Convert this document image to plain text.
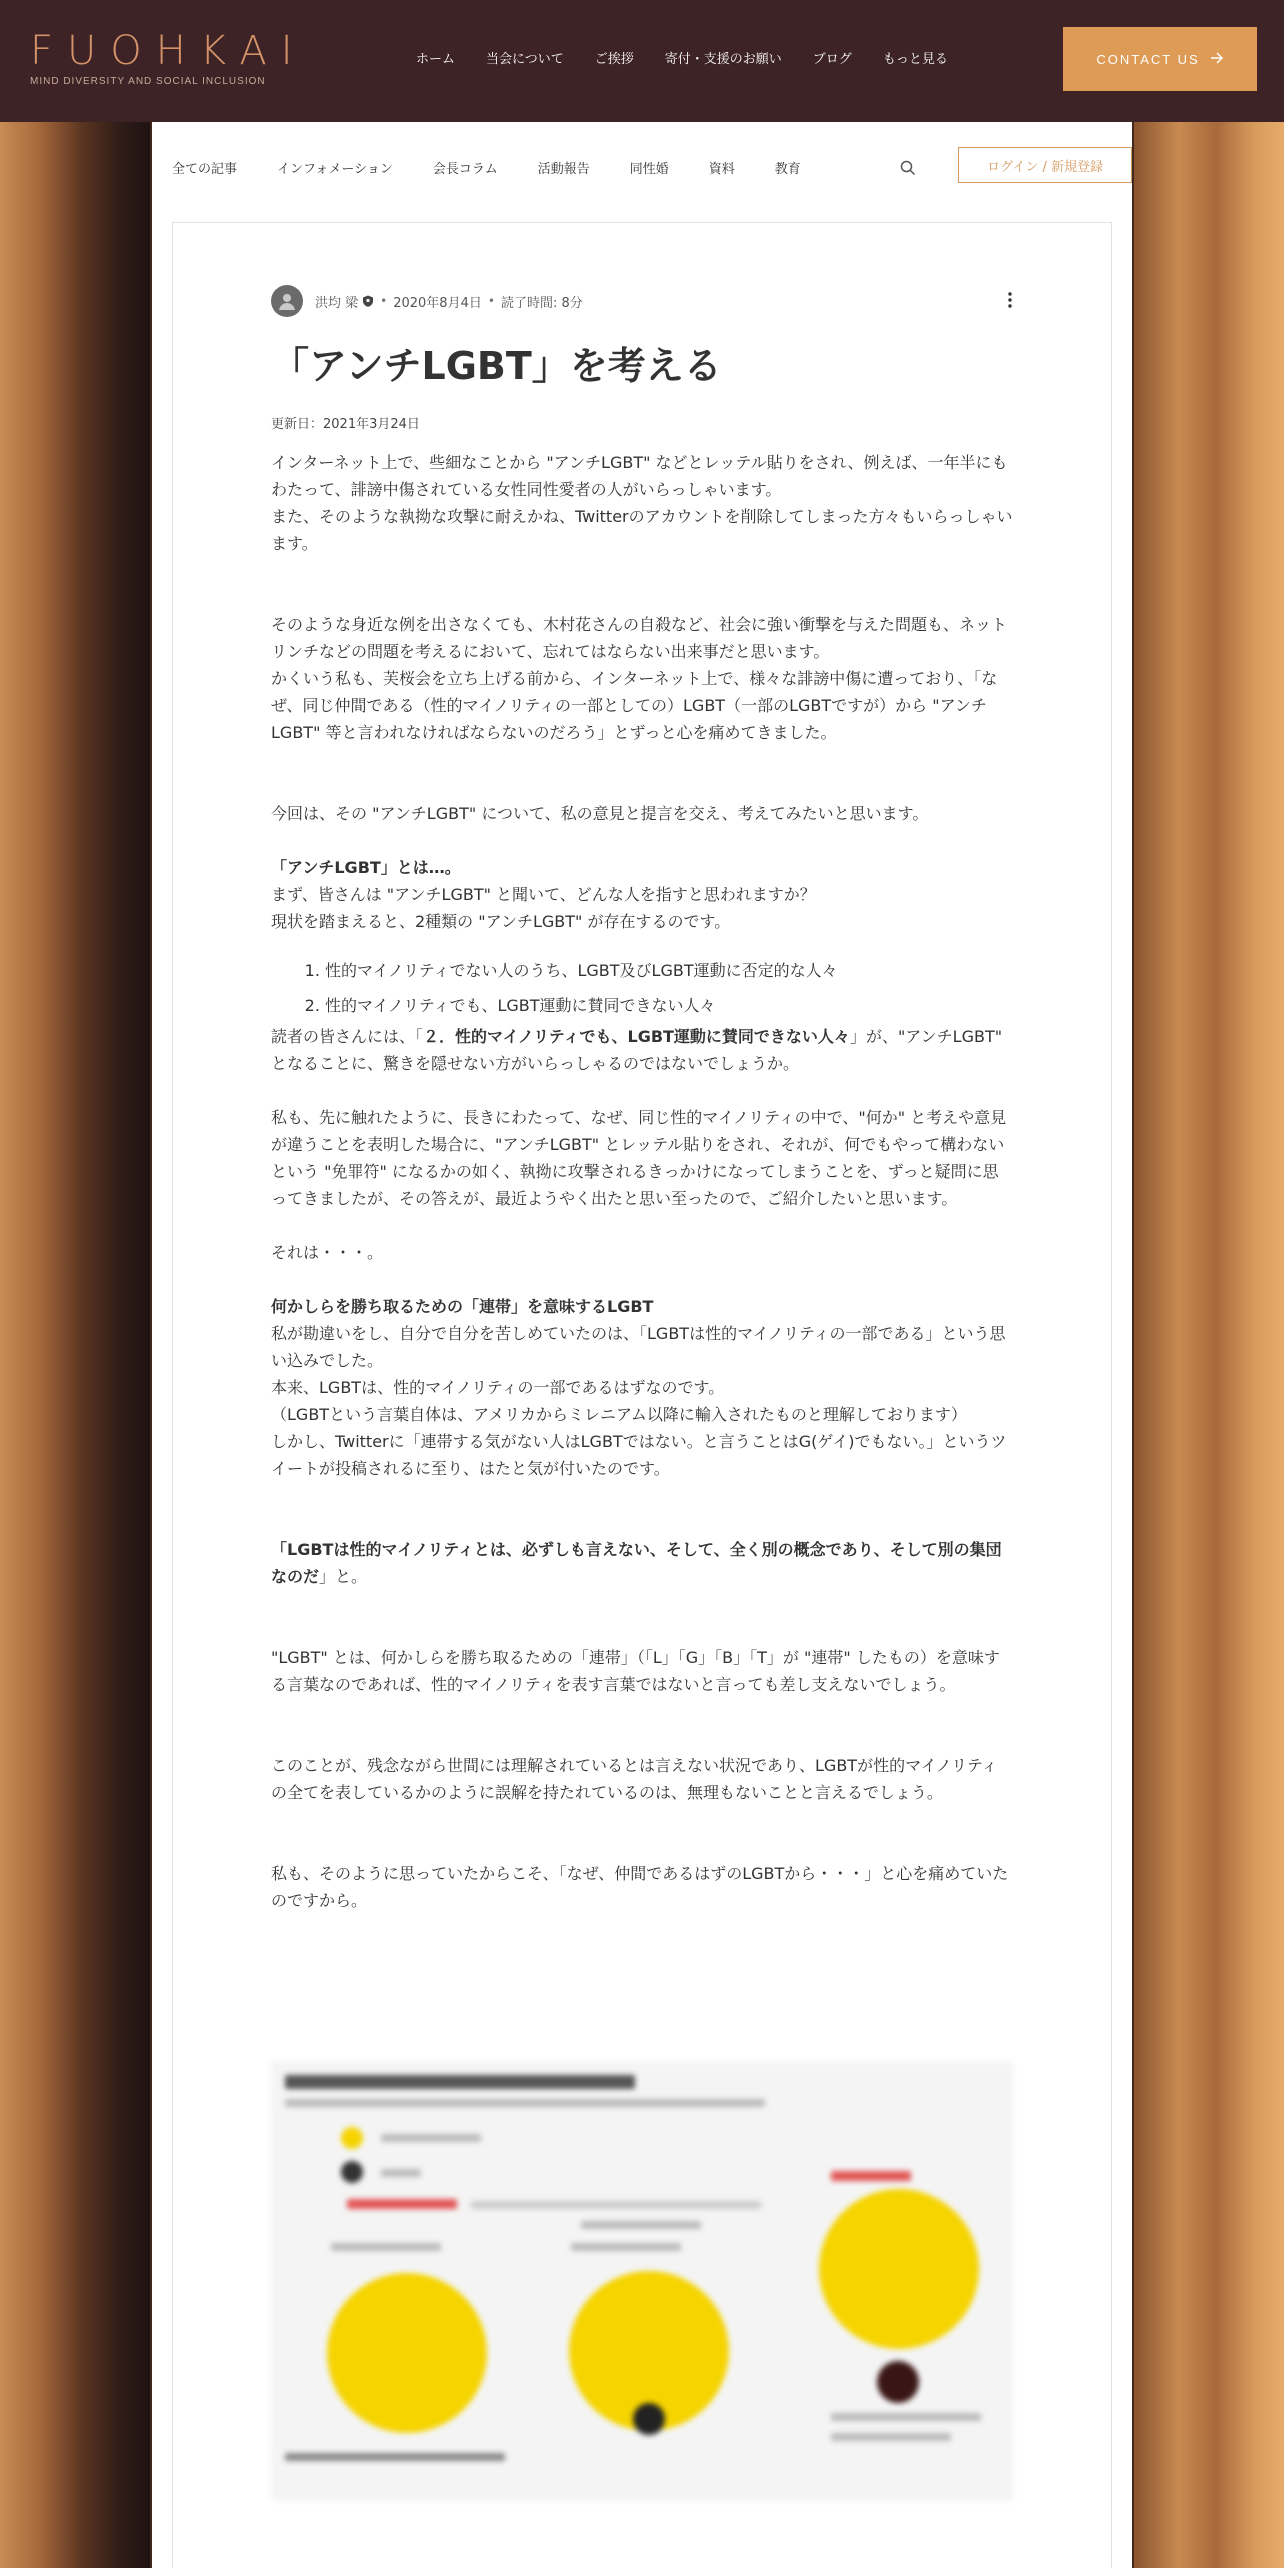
FUOHKAI
MIND DIVERSITY AND SOCIAL INCLUSION
ホーム 当会について ご挨拶 寄付・支援のお願い ブログ もっと見る	CONTACT US
全ての記事	インフォメーション	会長コラム	活動報告	同性婚	資料	教育	ログイン / 新規登録
洪均 梁 • 2020年8月4日 • 読了時間: 8分
「アンチLGBT」を考える
更新日：2021年3月24日

インターネット上で、些細なことから "アンチLGBT" などとレッテル貼りをされ、例えば、一年半にもわたって、誹謗中傷されている女性同性愛者の人がいらっしゃいます。

また、そのような執拗な攻撃に耐えかね、Twitterのアカウントを削除してしまった方々もいらっしゃいます。

そのような身近な例を出さなくても、木村花さんの自殺など、社会に強い衝撃を与えた問題も、ネットリンチなどの問題を考えるにおいて、忘れてはならない出来事だと思います。

かくいう私も、芙桜会を立ち上げる前から、インターネット上で、様々な誹謗中傷に遭っており、「なぜ、同じ仲間である（性的マイノリティの一部としての）LGBT（一部のLGBTですが）から "アンチLGBT" 等と言われなければならないのだろう」とずっと心を痛めてきました。

今回は、その "アンチLGBT" について、私の意見と提言を交え、考えてみたいと思います。

「アンチLGBT」とは…。

まず、皆さんは "アンチLGBT" と聞いて、どんな人を指すと思われますか？

現状を踏まえると、2種類の "アンチLGBT" が存在するのです。

1. 性的マイノリティでない人のうち、LGBT及びLGBT運動に否定的な人々
2. 性的マイノリティでも、LGBT運動に賛同できない人々

読者の皆さんには、「２．性的マイノリティでも、LGBT運動に賛同できない人々」が、"アンチLGBT" となることに、驚きを隠せない方がいらっしゃるのではないでしょうか。

私も、先に触れたように、長きにわたって、なぜ、同じ性的マイノリティの中で、"何か" と考えや意見が違うことを表明した場合に、"アンチLGBT" とレッテル貼りをされ、それが、何でもやって構わないという "免罪符" になるかの如く、執拗に攻撃されるきっかけになってしまうことを、ずっと疑問に思ってきましたが、その答えが、最近ようやく出たと思い至ったので、ご紹介したいと思います。

それは・・・。

何かしらを勝ち取るための「連帯」を意味するLGBT

私が勘違いをし、自分で自分を苦しめていたのは、「LGBTは性的マイノリティの一部である」という思い込みでした。

本来、LGBTは、性的マイノリティの一部であるはずなのです。

（LGBTという言葉自体は、アメリカからミレニアム以降に輸入されたものと理解しております）

しかし、Twitterに「連帯する気がない人はLGBTではない。と言うことはG(ゲイ)でもない。」というツイートが投稿されるに至り、はたと気が付いたのです。

「LGBTは性的マイノリティとは、必ずしも言えない、そして、全く別の概念であり、そして別の集団なのだ」と。

"LGBT" とは、何かしらを勝ち取るための「連帯」（「L」「G」「B」「T」が "連帯" したもの）を意味する言葉なのであれば、性的マイノリティを表す言葉ではないと言っても差し支えないでしょう。

このことが、残念ながら世間には理解されているとは言えない状況であり、LGBTが性的マイノリティの全てを表しているかのように誤解を持たれているのは、無理もないことと言えるでしょう。

私も、そのように思っていたからこそ、「なぜ、仲間であるはずのLGBTから・・・」と心を痛めていたのですから。
